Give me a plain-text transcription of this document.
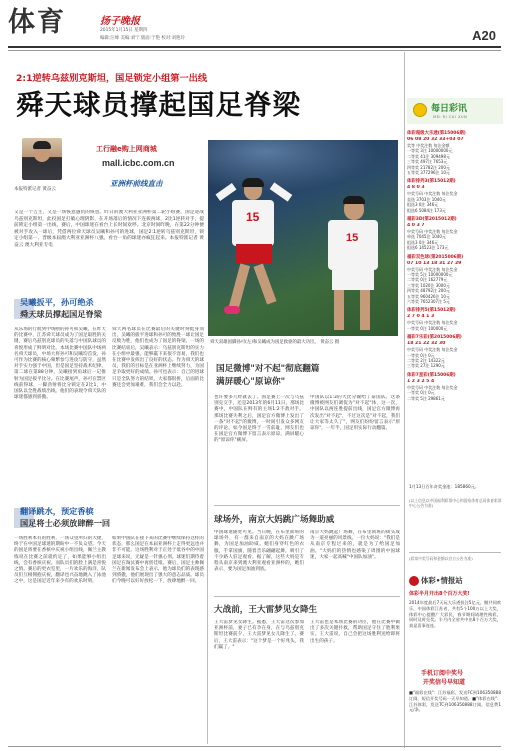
体育	扬子晚报
2015年1月15日 星期四
编辑:汪峰 美编:刘宁 版面:于艳 校对:刘艳玲	A20
2:1逆转乌兹别克斯坦，国足锁定小组第一出线
舜天球员撑起国足脊梁
本报特派记者 黄奋云
工行融e购上网商城
mall.icbc.com.cn
亚洲杯前线直击
又是一个吉主，又是一场恢意遇仇的恢意。昨日的澳大利亚亚洲杯第二轮小组赛，国足迎战乌兹别克斯坦，此役国足打破心理阴影，在开场落后的情况下连扳两球，2比1逆转对手，提前锁定小组第一出线，赛后，中国球迷在看台上长时间欢呼。北京时间昨晚，在第22分钟便被对手攻入一球后，凭借两位舜天球员吴曦和孙可的进球，国足2:1逆转乌兹别克斯坦，锁定小组第一、晋级本届澳大利亚亚洲杯八强。看台一角的球迷亦疯狂起来。本报特派记者 黄奋云 澳大利亚专电
15
15
舜天双雄国脚孙可(左)和吴曦成为国足救驱的最大功臣。 黄奋云 摄
吴曦扳平，孙可绝杀
舜天球员撑起国足脊梁
从乐场的行航到中场断的孙可和吴曦，在昨天的比赛中，江苏舜天球员成为了国足取胜的关键，赛后乌兹别克球员的失落与中国队球员的喜悦形成了鲜明对比。本场比赛中国队中场两名舜天球员，中场大将孙可和吴曦均首发，孙可作为比赛的核心频繁参与进攻与防守，虽然对手实力强于中国，但是国足坚持战术纪律，第二球在第88分钟，吴曦接到角球后一记推射为国足扳平比分。在比赛尾声，孙可在禁区线前得球，一脚劲射将比分锁定在2比1，中国队以全胜战绩出线。他们的表现令舜天队的球迷都感到骄傲。
舜天两名球员在比赛最后的关键时刻挺身而出，吴曦的扳平进球和孙可的致胜一球让国足反败为胜，他们也成为了国足的脊梁。一场的比赛结束后，吴曦表示：乌兹别克斯坦的实力在小组中最强，能够赢下来很不容易，我们也在比赛中发挥出了良好的状态。作为舜天的球员，我们的目标是在亚洲杯上继续努力，为国足争取更好的成绩。孙可也表示：自己的进球只是全队努力的结果，大家都很拼，后面的比赛还会更加艰难，我们会全力以赴。
翻译跳水，预定香槟
国足将士必须放肆醉一回
一场胜利本有的胜利，一场众望所归的大捷，终于在中国足球迷的期盼中一不负众望。今天的国足将要在香槟中庆祝小组出线，佩兰主教练说在比赛之前就约定了，如果能够小组出线，会有香槟庆祝。而队员们的脸上满是喜悦之情。赛后的更衣室里，一片欢乐的海洋，队员们互相拥抱庆祝，翻译也兴奋地跳入了泳池之中，这是国足近年来少有的欢乐时刻。
如果中国队在接下来的比赛中继续保持这样的状态，那么国足在本届亚洲杯上走得更远也并非不可能。这场胜利对于正处于低谷中的中国足球来说，无疑是一针强心剂。球迷们期待着国足在淘汰赛中再创佳绩。赛后，国足主帅佩兰在新闻发布会上表示，他为球员们的表现感到骄傲，他们展现出了强大的意志品质。球员们今晚可以好好放松一下，放肆地醉一回。
国足微博"对不起"彻底翻篇
满屏暖心"原谅你"
也许要多几经就去了。国足赛上一次与乌兹别克交手，还是2013年的6月11日，那场比赛中，中国队在鲜有的主场1:2不敌对手。那场比赛失利之后，国足官方微博上发出了一条"对不起"的微博，一时间引发众多网友的评论。如今国足终于一雪前耻，网友们也在国足官方微博下留言表示原谅，满屏暖心的"原谅你"刷屏。
中国队以1:3的大比分输给了泰国队。这条微博被网友们调侃为"对不起"体，这一次，中国队以两连胜提前出线，国足官方微博再次发出"对不起"，不过这次是"对不起，我们让大家等太久了"，网友们纷纷留言表示"原谅你"，一年半，国足用实际行动翻篇。
球场外，南京大妈跳广场舞助威
中国球迷随处可见。当日晚，在布里斯班的球场外，有一群来自南京的大妈在跳广场舞，为国足加油助威。她们身穿红色的衣服，手拿国旗，随着音乐翩翩起舞，吸引了不少路人驻足观看。据了解，这些大妈是专程从南京来到澳大利亚观看亚洲杯的，她们表示，要为国足加油到底。
南京大妈跳起广场舞，在布里斯班的街头成为一道亮丽的风景线。一位大妈说："我们是从南京专程过来的，就是为了给国足加油。"大妈们的热情也感染了周围的中国球迷，大家一起高喊"中国队加油"。
大战前，王大雷梦见女降生
王大雷梦见女降生。据悉，王大雷这次参加亚洲杯前，妻子已有孕在身，在与乌兹别克斯坦比赛前夕，王大雷梦见女儿降生了。赛后，王大雷表示："这个梦是一个好兆头，我们赢了。"
王大雷也是本场比赛的功臣，他在比赛中做出了多次关键扑救，帮助国足守住了胜利果实。王大雷说，自己会把这场胜利送给即将出生的孩子。
每日彩讯
MEI RI CAI XUN
体彩超级大乐透(第15006期)
06 08 20 32 33+03 07
奖等 中奖注数 每注金额
一等奖 3注 10000000元
二等奖 41注 309498元
三等奖 497注 7653元
四等奖 21782注 200元
五等奖 377296注 10元
体彩排列3(第15012期)
4 8 0 3
中奖号码 中奖注数 每注奖金
直选 3703注 1040元
组选3 0注 346元
组选6 5084注 173元
福彩3D(第2015012期)
4 0 3 7
中奖号码 中奖注数 每注奖金
单选 7045注 1040元
组选3 0注 346元
组选6 14523注 173元
福彩双色球(第2015006期)
07 10 13 18 31 27 29
中奖号码 中奖注数 每注奖金
一等奖 5注 10000000元
二等奖 0注 162779元
三等奖 1020注 3000元
四等奖 48792注 200元
五等奖 960426注 10元
六等奖 7652307注 5元
体彩排列5(第15012期)
2 7 0 4 1 3
中奖号码 中奖注数 每注奖金
一等奖 0注 100000元
福彩7乐彩(第2015006期)
18 21 22 32 30
中奖号码 中奖注数 每注奖金
一等奖 0注 0元
二等奖 2注 14322元
三等奖 27注 1290元
体彩7星彩(第15006期)
1 2 3 2 5 4
中奖号码 中奖注数 每注奖金
一等奖 0注 0元
二等奖 5注 29861元
1月13日百年奇奖金池：185860元。
(以上信息以中国福利彩票中心和国家体育总局体育彩票中心公告为准)
(彩票中奖号码和金额以官方公告为准)
体彩•情报站
体彩半月开出8个百万大奖!
2014年度最后7天玩大乐透投注5亿元，继共同欢乐，中国体彩江苏省，共有5个100万以上大奖，体彩中心提醒广大彩民，春节期间请理性购彩，同时及时兑奖。半月内全省共中出8个百万大奖，真是喜事连连。
手机订阅中奖号
开奖信号早知道
■"福彩在线"：江苏福彩，发送FC到106350888订阅，短信开奖号码一天早知道。■"体彩在线"：江苏体彩，发送TC到106350888订阅，信息费1元/条。
